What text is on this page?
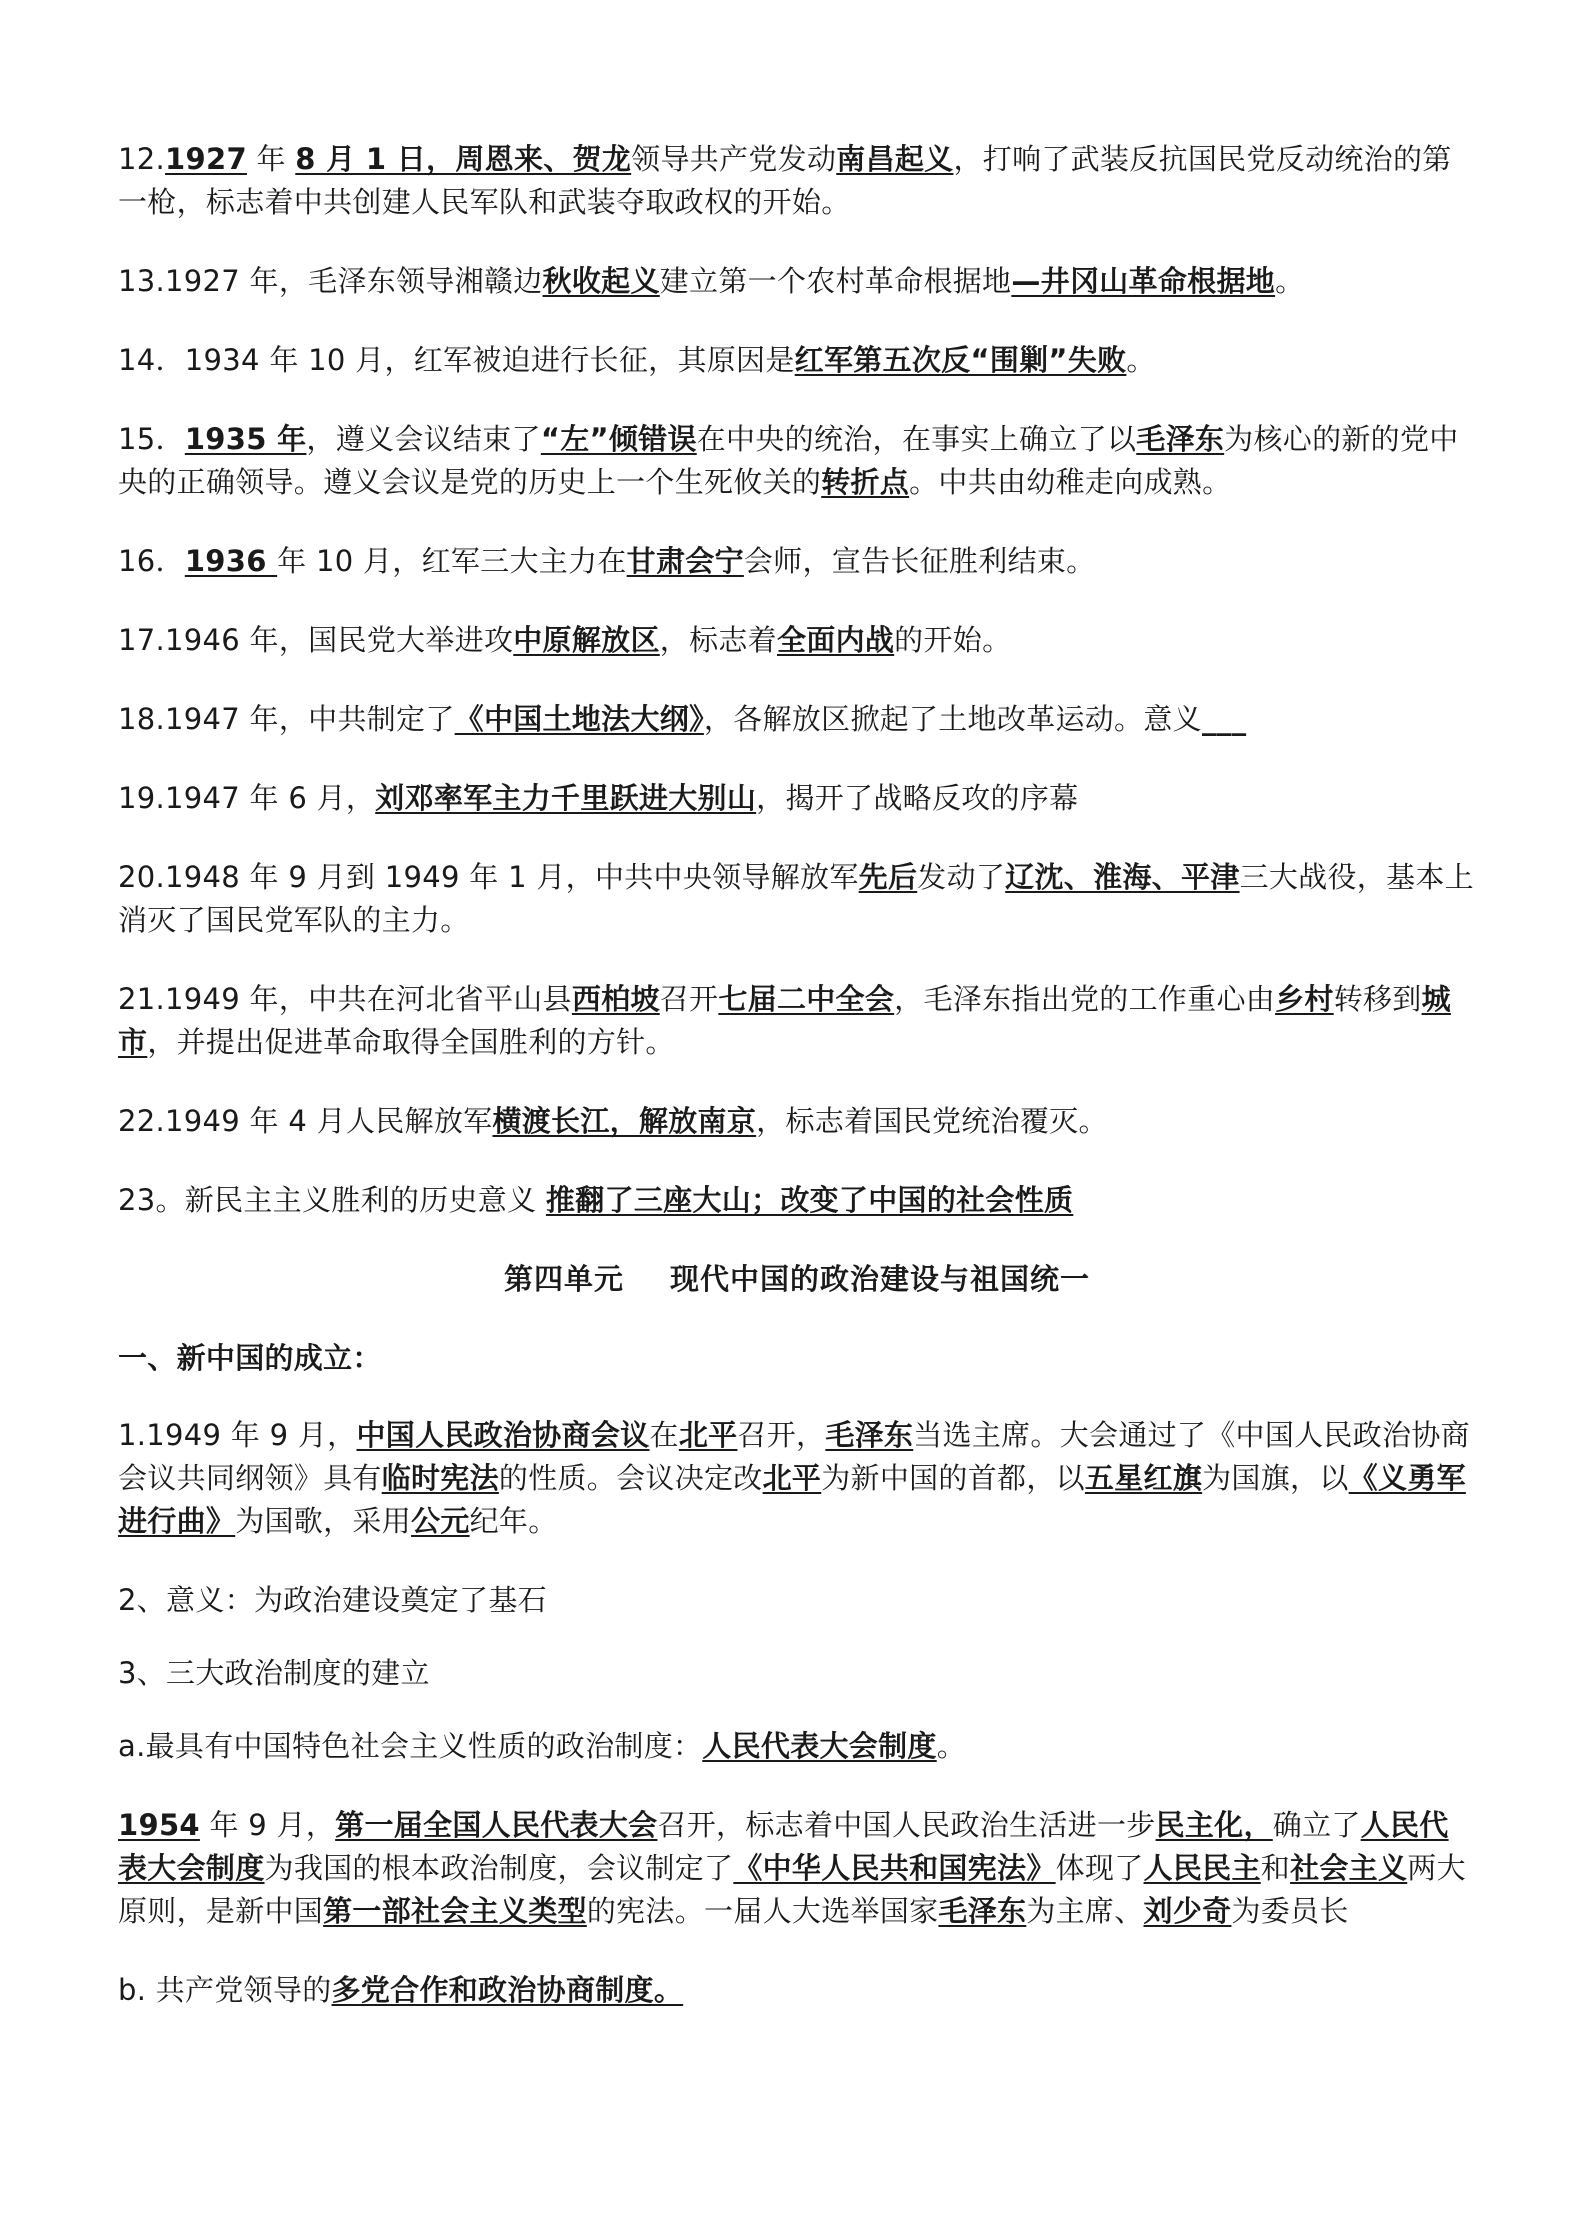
12.1927 年 8 月 1 日，周恩来、贺龙领导共产党发动南昌起义，打响了武装反抗国民党反动统治的第一枪，标志着中共创建人民军队和武装夺取政权的开始。

13.1927 年，毛泽东领导湘赣边秋收起义建立第一个农村革命根据地—井冈山革命根据地。

14．1934 年 10 月，红军被迫进行长征，其原因是红军第五次反“围剿”失败。

15．1935 年，遵义会议结束了“左”倾错误在中央的统治，在事实上确立了以毛泽东为核心的新的党中央的正确领导。遵义会议是党的历史上一个生死攸关的转折点。中共由幼稚走向成熟。

16．1936 年 10 月，红军三大主力在甘肃会宁会师，宣告长征胜利结束。

17.1946 年，国民党大举进攻中原解放区，标志着全面内战的开始。

18.1947 年，中共制定了《中国土地法大纲》，各解放区掀起了土地改革运动。意义___

19.1947 年 6 月，刘邓率军主力千里跃进大别山，揭开了战略反攻的序幕

20.1948 年 9 月到 1949 年 1 月，中共中央领导解放军先后发动了辽沈、淮海、平津三大战役，基本上消灭了国民党军队的主力。

21.1949 年，中共在河北省平山县西柏坡召开七届二中全会，毛泽东指出党的工作重心由乡村转移到城市，并提出促进革命取得全国胜利的方针。

22.1949 年 4 月人民解放军横渡长江，解放南京，标志着国民党统治覆灭。

23。新民主主义胜利的历史意义 推翻了三座大山；改变了中国的社会性质

第四单元 现代中国的政治建设与祖国统一
一、新中国的成立：

1.1949 年 9 月，中国人民政治协商会议在北平召开，毛泽东当选主席。大会通过了《中国人民政治协商会议共同纲领》具有临时宪法的性质。会议决定改北平为新中国的首都，以五星红旗为国旗，以《义勇军进行曲》为国歌，采用公元纪年。

2、意义：为政治建设奠定了基石

3、三大政治制度的建立

a.最具有中国特色社会主义性质的政治制度：人民代表大会制度。

1954 年 9 月，第一届全国人民代表大会召开，标志着中国人民政治生活进一步民主化，确立了人民代表大会制度为我国的根本政治制度，会议制定了《中华人民共和国宪法》体现了人民民主和社会主义两大原则，是新中国第一部社会主义类型的宪法。一届人大选举国家毛泽东为主席、刘少奇为委员长

b. 共产党领导的多党合作和政治协商制度。
